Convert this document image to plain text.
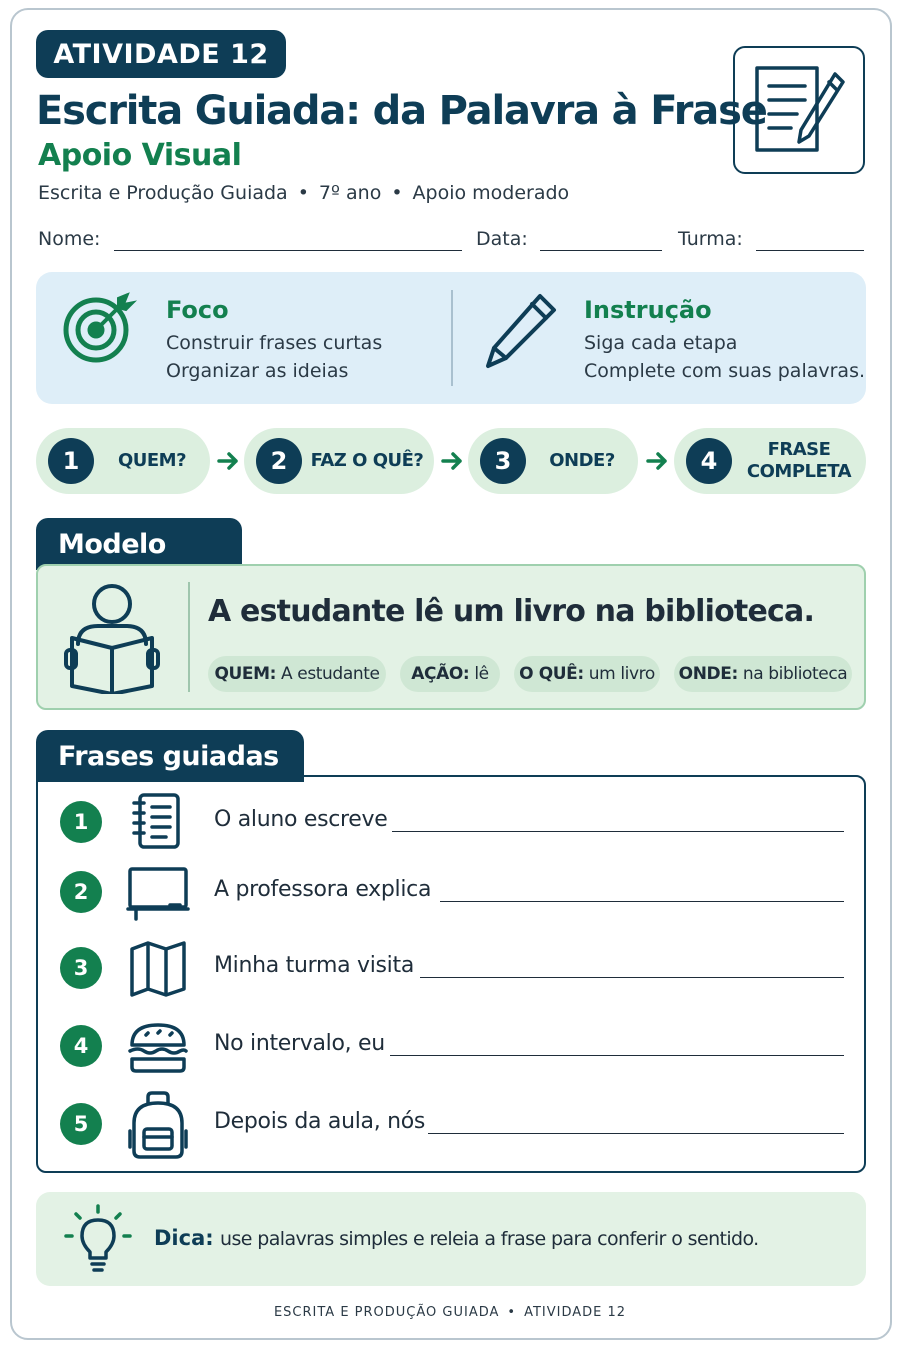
ATIVIDADE 12
Escrita Guiada: da Palavra à Frase
Apoio Visual
Escrita e Produção Guiada • 7º ano • Apoio moderado
Nome:	Data:	Turma:
Foco
Construir frases curtas
Organizar as ideias
Instrução
Siga cada etapa
Complete com suas palavras.
1	QUEM?	2	FAZ O QUÊ?	3	ONDE?	4	FRASE
COMPLETA
Modelo
A estudante lê um livro na biblioteca.
QUEM: A estudante AÇÃO: lê O QUÊ: um livro ONDE: na biblioteca
Frases guiadas
1	O aluno escreve
2	A professora explica
3	Minha turma visita
4	No intervalo, eu
5	Depois da aula, nós
Dica: use palavras simples e releia a frase para conferir o sentido.
ESCRITA E PRODUÇÃO GUIADA • ATIVIDADE 12
